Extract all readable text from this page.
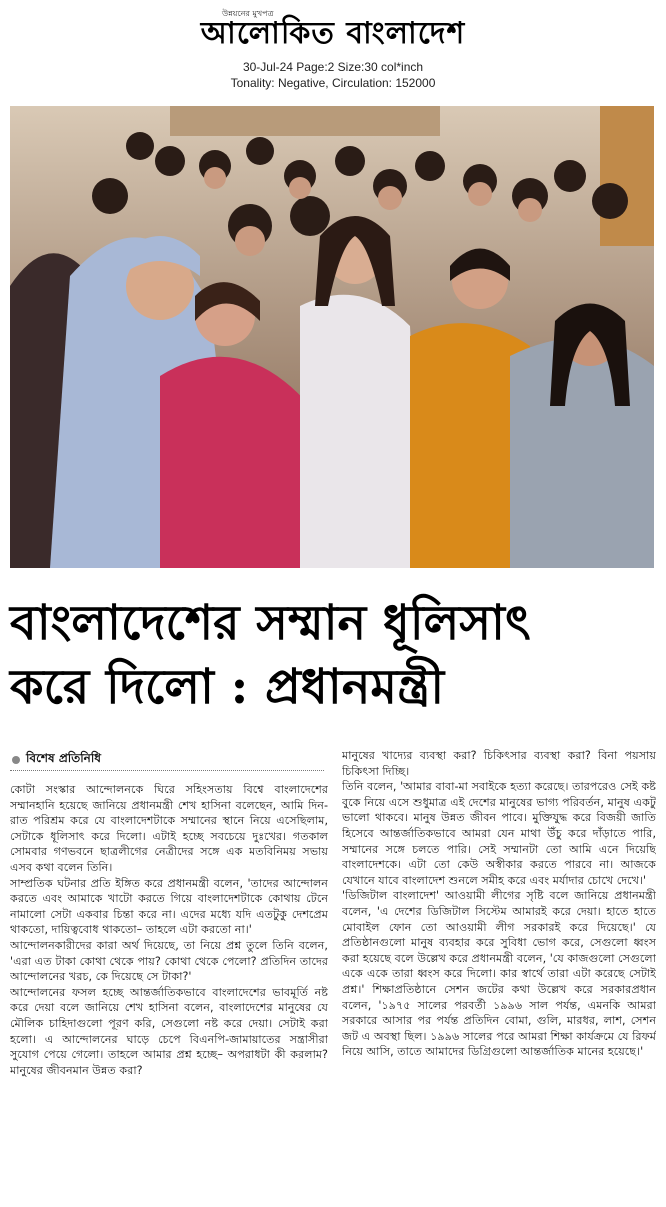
উন্নয়নের মুখপত্র
আলোকিত বাংলাদেশ
30-Jul-24 Page:2 Size:30 col*inch
Tonality: Negative, Circulation: 152000
বাংলাদেশের সম্মান ধূলিসাৎ
করে দিলো : প্রধানমন্ত্রী
বিশেষ প্রতিনিধি

কোটা সংস্কার আন্দোলনকে ঘিরে সহিংসতায় বিশ্বে বাংলাদেশের সম্মানহানি হয়েছে জানিয়ে প্রধানমন্ত্রী শেখ হাসিনা বলেছেন, আমি দিন-রাত পরিশ্রম করে যে বাংলাদেশটাকে সম্মানের স্থানে নিয়ে এসেছিলাম, সেটাকে ধূলিসাৎ করে দিলো। এটাই হচ্ছে সবচেয়ে দুঃখের। গতকাল সোমবার গণভবনে ছাত্রলীগের নেত্রীদের সঙ্গে এক মতবিনিময় সভায় এসব কথা বলেন তিনি।

সাম্প্রতিক ঘটনার প্রতি ইঙ্গিত করে প্রধানমন্ত্রী বলেন, 'তাদের আন্দোলন করতে এবং আমাকে খাটো করতে গিয়ে বাংলাদেশটাকে কোথায় টেনে নামালো সেটা একবার চিন্তা করে না। এদের মধ্যে যদি এতটুকু দেশপ্রেম থাকতো, দায়িত্ববোধ থাকতো– তাহলে এটা করতো না।'

আন্দোলনকারীদের কারা অর্থ দিয়েছে, তা নিয়ে প্রশ্ন তুলে তিনি বলেন, 'এরা এত টাকা কোথা থেকে পায়? কোথা থেকে পেলো? প্রতিদিন তাদের আন্দোলনের খরচ, কে দিয়েছে সে টাকা?'

আন্দোলনের ফসল হচ্ছে আন্তর্জাতিকভাবে বাংলাদেশের ভাবমূর্তি নষ্ট করে দেয়া বলে জানিয়ে শেখ হাসিনা বলেন, বাংলাদেশের মানুষের যে মৌলিক চাহিদাগুলো পূরণ করি, সেগুলো নষ্ট করে দেয়া। সেটাই করা হলো। এ আন্দোলনের ঘাড়ে চেপে বিএনপি-জামায়াতের সন্ত্রাসীরা সুযোগ পেয়ে গেলো। তাহলে আমার প্রশ্ন হচ্ছে– অপরাধটা কী করলাম? মানুষের জীবনমান উন্নত করা?

মানুষের খাদ্যের ব্যবস্থা করা? চিকিৎসার ব্যবস্থা করা? বিনা পয়সায় চিকিৎসা দিচ্ছি।

তিনি বলেন, 'আমার বাবা-মা সবাইকে হত্যা করেছে। তারপরেও সেই কষ্ট বুকে নিয়ে এসে শুধুমাত্র এই দেশের মানুষের ভাগ্য পরিবর্তন, মানুষ একটু ভালো থাকবে। মানুষ উন্নত জীবন পাবে। মুক্তিযুদ্ধ করে বিজয়ী জাতি হিসেবে আন্তর্জাতিকভাবে আমরা যেন মাথা উঁচু করে দাঁড়াতে পারি, সম্মানের সঙ্গে চলতে পারি। সেই সম্মানটা তো আমি এনে দিয়েছি বাংলাদেশকে। এটা তো কেউ অস্বীকার করতে পারবে না। আজকে যেখানে যাবে বাংলাদেশ শুনলে সমীহ করে এবং মর্যাদার চোখে দেখে।'

'ডিজিটাল বাংলাদেশ' আওয়ামী লীগের সৃষ্টি বলে জানিয়ে প্রধানমন্ত্রী বলেন, 'এ দেশের ডিজিটাল সিস্টেম আমারই করে দেয়া। হাতে হাতে মোবাইল ফোন তো আওয়ামী লীগ সরকারই করে দিয়েছে।' যে প্রতিষ্ঠানগুলো মানুষ ব্যবহার করে সুবিধা ভোগ করে, সেগুলো ধ্বংস করা হয়েছে বলে উল্লেখ করে প্রধানমন্ত্রী বলেন, 'যে কাজগুলো সেগুলো একে একে তারা ধ্বংস করে দিলো। কার স্বার্থে তারা এটা করেছে সেটাই প্রশ্ন।' শিক্ষাপ্রতিষ্ঠানে সেশন জটের কথা উল্লেখ করে সরকারপ্রধান বলেন, '১৯৭৫ সালের পরবর্তী ১৯৯৬ সাল পর্যন্ত, এমনকি আমরা সরকারে আসার পর পর্যন্ত প্রতিদিন বোমা, গুলি, মারধর, লাশ, সেশন জট এ অবস্থা ছিল। ১৯৯৬ সালের পরে আমরা শিক্ষা কার্যক্রমে যে রিফর্ম নিয়ে আসি, তাতে আমাদের ডিগ্রিগুলো আন্তর্জাতিক মানের হয়েছে।'
